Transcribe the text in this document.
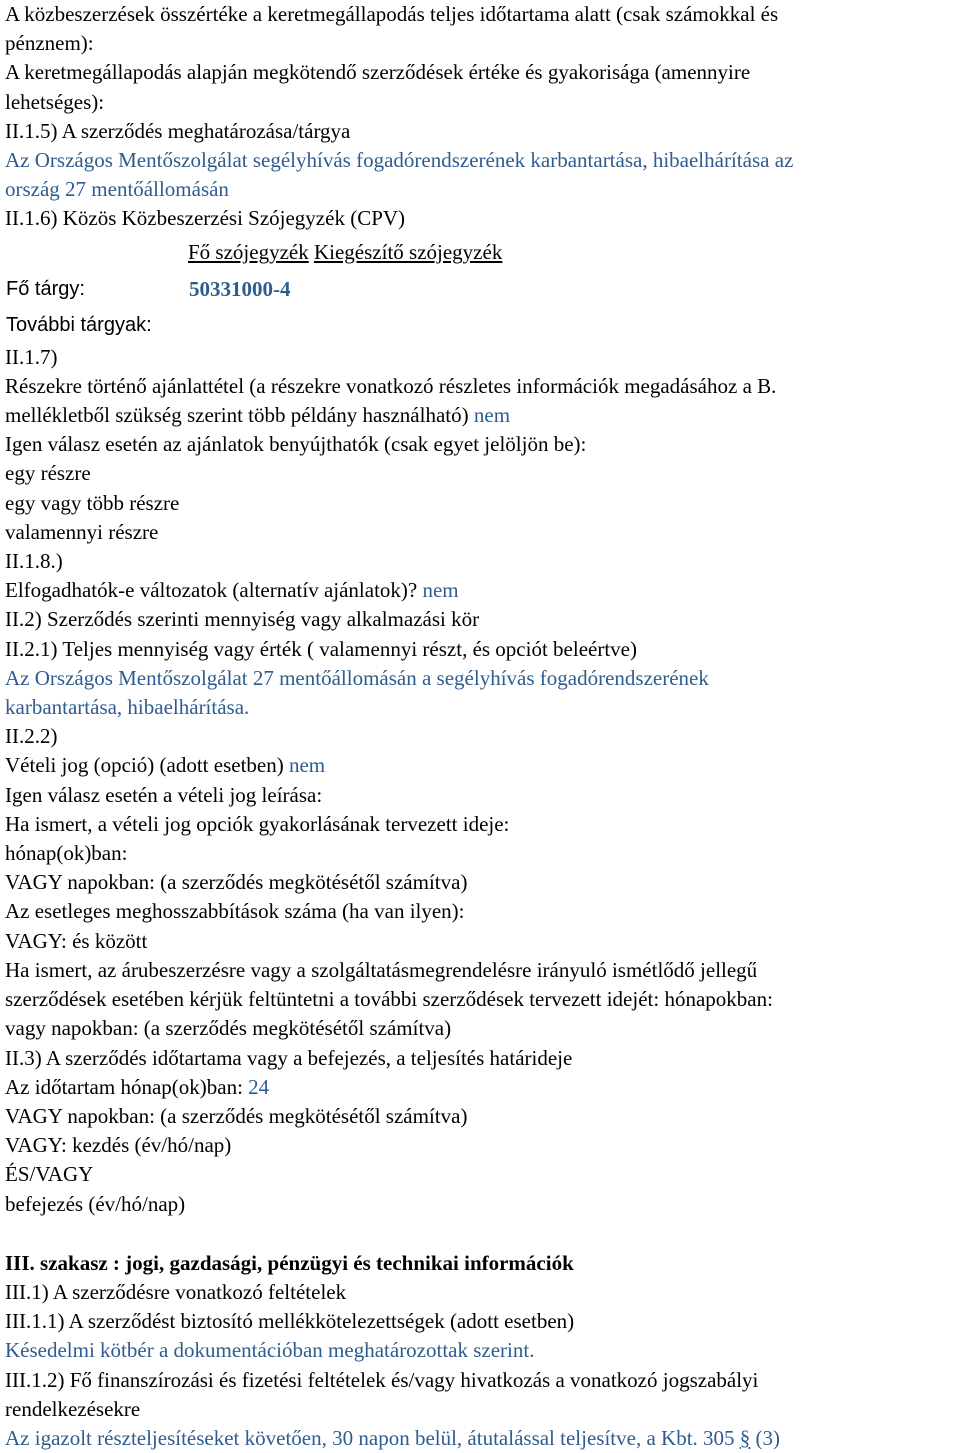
A közbeszerzések összértéke a keretmegállapodás teljes időtartama alatt (csak számokkal és
pénznem):
A keretmegállapodás alapján megkötendő szerződések értéke és gyakorisága (amennyire
lehetséges):
II.1.5) A szerződés meghatározása/tárgya
Az Országos Mentőszolgálat segélyhívás fogadórendszerének karbantartása, hibaelhárítása az
ország 27 mentőállomásán
II.1.6) Közös Közbeszerzési Szójegyzék (CPV)
Fő szójegyzék Kiegészítő szójegyzék
Fő tárgy:	50331000-4
További tárgyak:
II.1.7)
Részekre történő ajánlattétel (a részekre vonatkozó részletes információk megadásához a B.
mellékletből szükség szerint több példány használható) nem
Igen válasz esetén az ajánlatok benyújthatók (csak egyet jelöljön be):
egy részre
egy vagy több részre
valamennyi részre
II.1.8.)
Elfogadhatók-e változatok (alternatív ajánlatok)? nem
II.2) Szerződés szerinti mennyiség vagy alkalmazási kör
II.2.1) Teljes mennyiség vagy érték ( valamennyi részt, és opciót beleértve)
Az Országos Mentőszolgálat 27 mentőállomásán a segélyhívás fogadórendszerének
karbantartása, hibaelhárítása.
II.2.2)
Vételi jog (opció) (adott esetben) nem
Igen válasz esetén a vételi jog leírása:
Ha ismert, a vételi jog opciók gyakorlásának tervezett ideje:
hónap(ok)ban:
VAGY napokban: (a szerződés megkötésétől számítva)
Az esetleges meghosszabbítások száma (ha van ilyen):
VAGY: és között
Ha ismert, az árubeszerzésre vagy a szolgáltatásmegrendelésre irányuló ismétlődő jellegű
szerződések esetében kérjük feltüntetni a további szerződések tervezett idejét: hónapokban:
vagy napokban: (a szerződés megkötésétől számítva)
II.3) A szerződés időtartama vagy a befejezés, a teljesítés határideje
Az időtartam hónap(ok)ban: 24
VAGY napokban: (a szerződés megkötésétől számítva)
VAGY: kezdés (év/hó/nap)
ÉS/VAGY
befejezés (év/hó/nap)
III. szakasz : jogi, gazdasági, pénzügyi és technikai információk
III.1) A szerződésre vonatkozó feltételek
III.1.1) A szerződést biztosító mellékkötelezettségek (adott esetben)
Késedelmi kötbér a dokumentációban meghatározottak szerint.
III.1.2) Fő finanszírozási és fizetési feltételek és/vagy hivatkozás a vonatkozó jogszabályi
rendelkezésekre
Az igazolt részteljesítéseket követően, 30 napon belül, átutalással teljesítve, a Kbt. 305 § (3)
